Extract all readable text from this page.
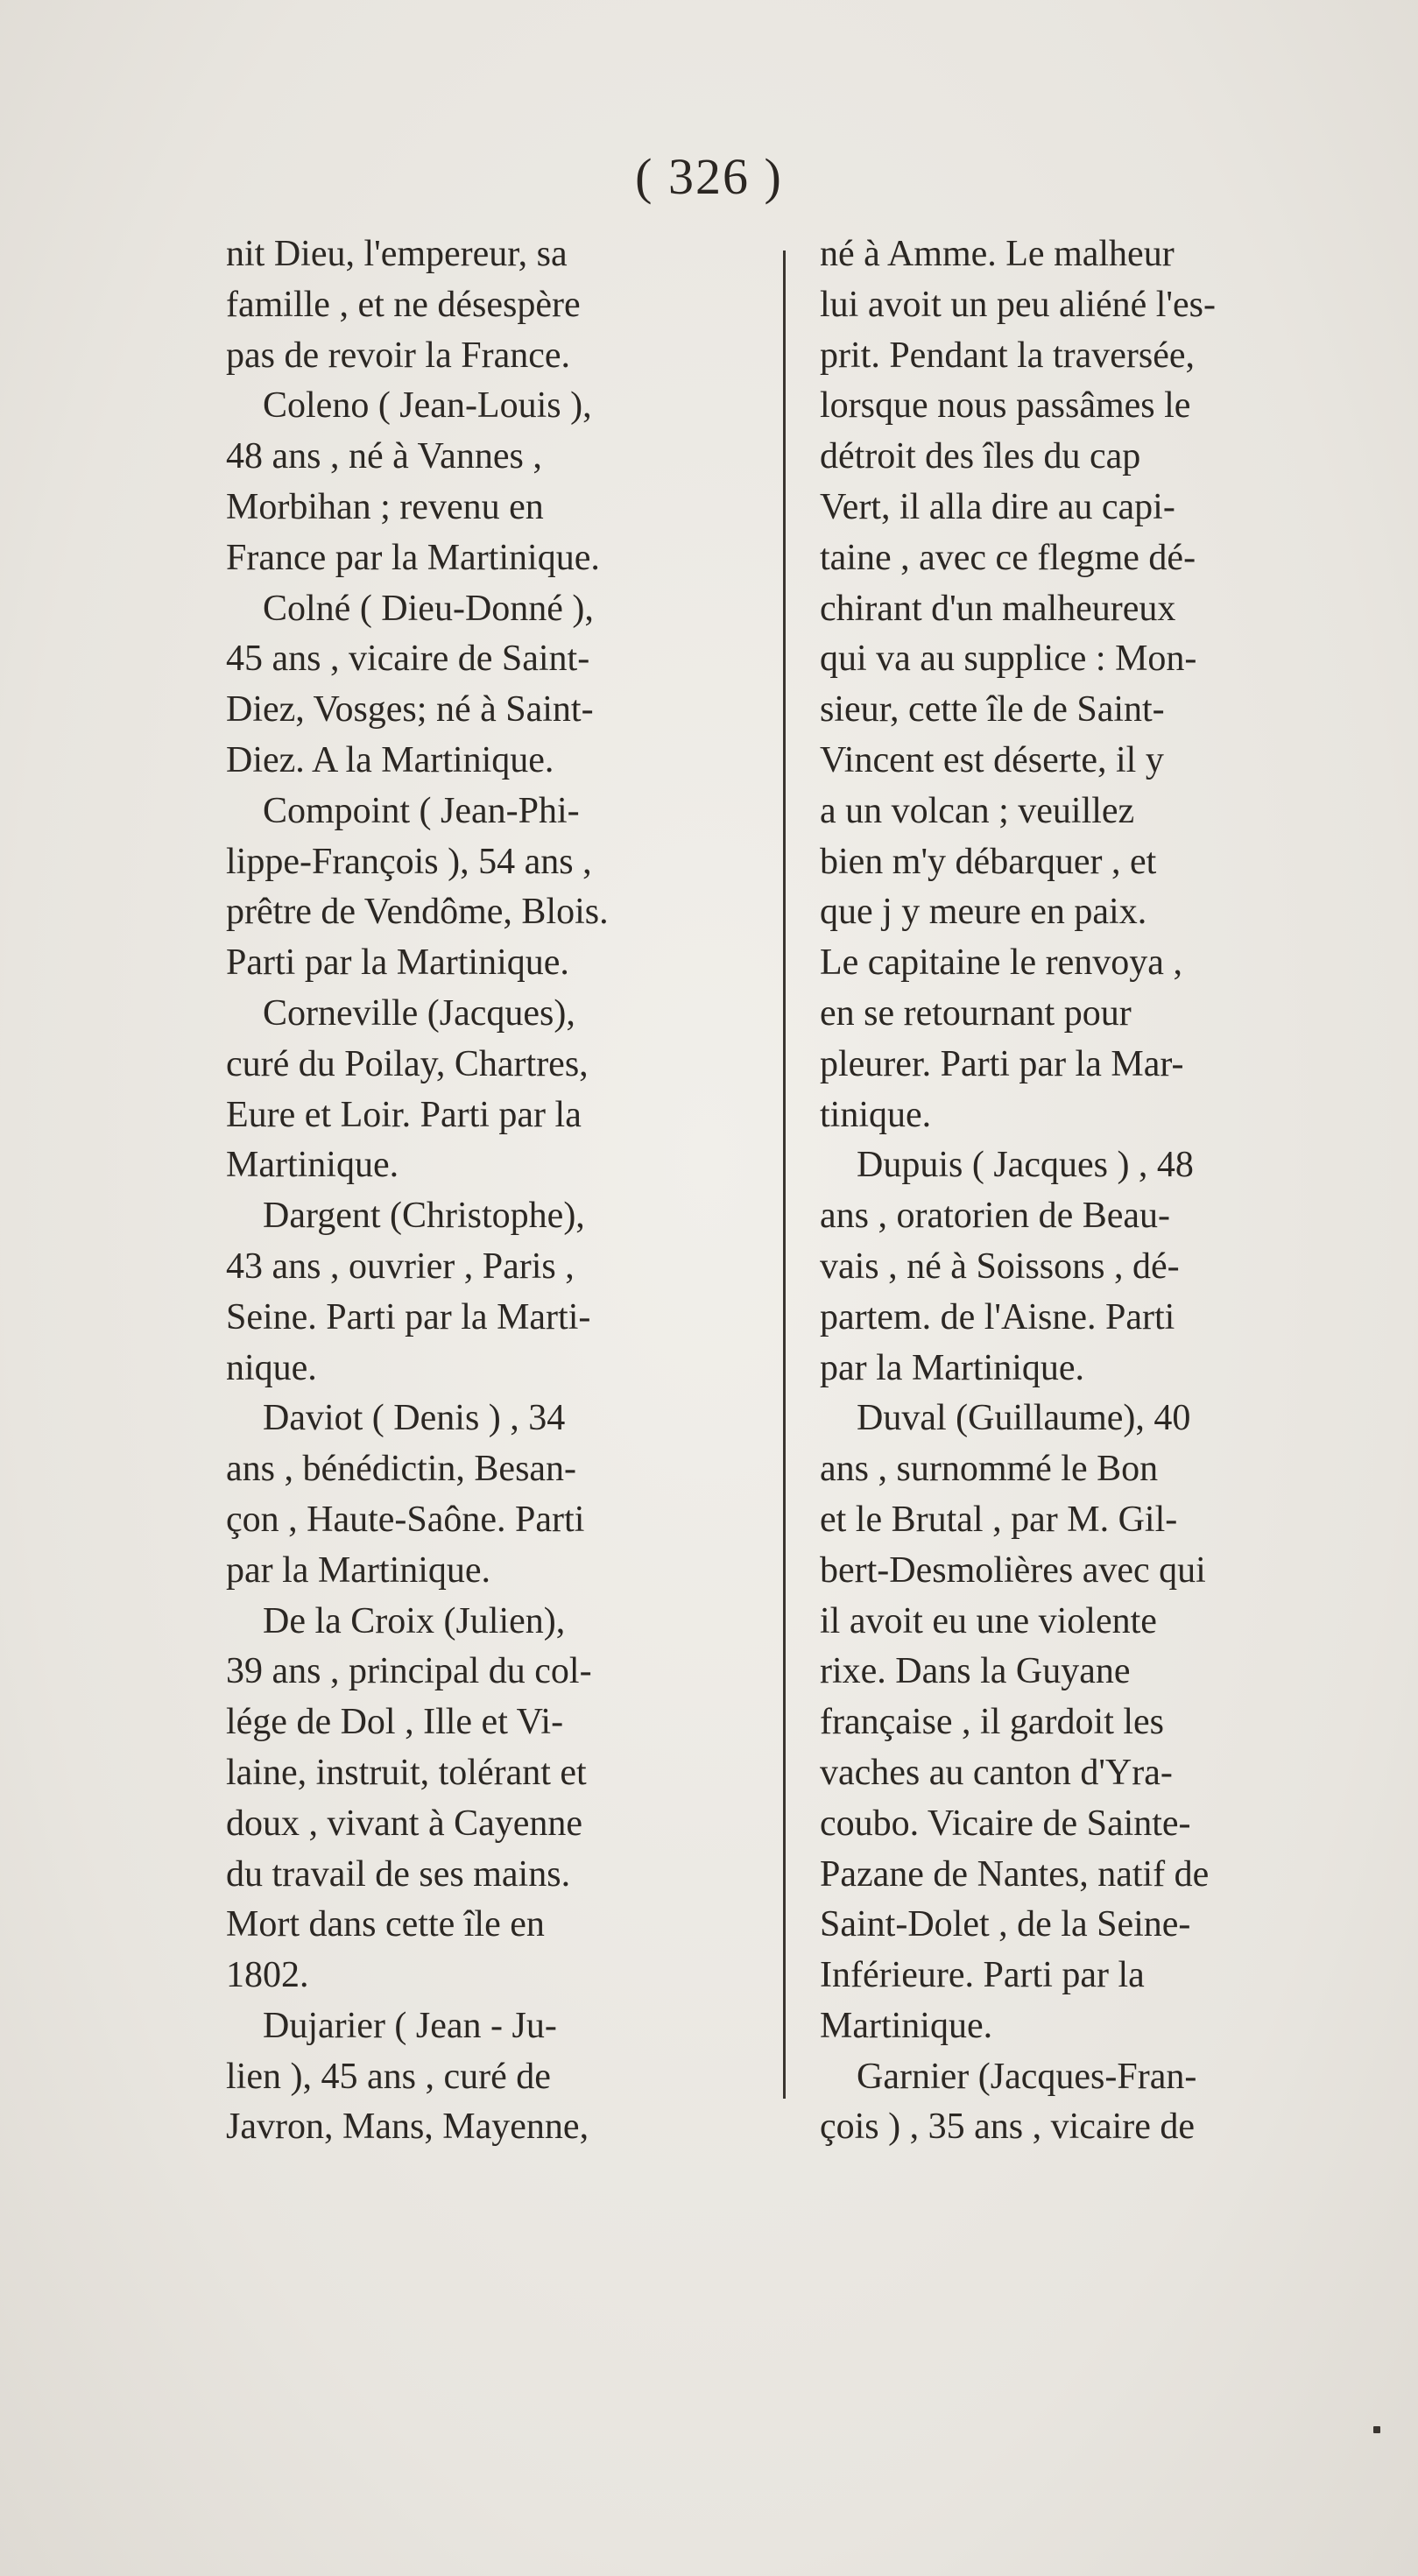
( 326 )
nit Dieu, l'empereur, sa
famille , et ne désespère
pas de revoir la France.
Coleno ( Jean-Louis ),
48 ans , né à Vannes ,
Morbihan ; revenu en
France par la Martinique.
Colné ( Dieu-Donné ),
45 ans , vicaire de Saint-
Diez, Vosges; né à Saint-
Diez. A la Martinique.
Compoint ( Jean-Phi-
lippe-François ), 54 ans ,
prêtre de Vendôme, Blois.
Parti par la Martinique.
Corneville (Jacques),
curé du Poilay, Chartres,
Eure et Loir. Parti par la
Martinique.
Dargent (Christophe),
43 ans , ouvrier , Paris ,
Seine. Parti par la Marti-
nique.
Daviot ( Denis ) , 34
ans , bénédictin, Besan-
çon , Haute-Saône. Parti
par la Martinique.
De la Croix (Julien),
39 ans , principal du col-
lége de Dol , Ille et Vi-
laine, instruit, tolérant et
doux , vivant à Cayenne
du travail de ses mains.
Mort dans cette île en
1802.
Dujarier ( Jean - Ju-
lien ), 45 ans , curé de
Javron, Mans, Mayenne,
né à Amme. Le malheur
lui avoit un peu aliéné l'es-
prit. Pendant la traversée,
lorsque nous passâmes le
détroit des îles du cap
Vert, il alla dire au capi-
taine , avec ce flegme dé-
chirant d'un malheureux
qui va au supplice : Mon-
sieur, cette île de Saint-
Vincent est déserte, il y
a un volcan ; veuillez
bien m'y débarquer , et
que j y meure en paix.
Le capitaine le renvoya ,
en se retournant pour
pleurer. Parti par la Mar-
tinique.
Dupuis ( Jacques ) , 48
ans , oratorien de Beau-
vais , né à Soissons , dé-
partem. de l'Aisne. Parti
par la Martinique.
Duval (Guillaume), 40
ans , surnommé le Bon
et le Brutal , par M. Gil-
bert-Desmolières avec qui
il avoit eu une violente
rixe. Dans la Guyane
française , il gardoit les
vaches au canton d'Yra-
coubo. Vicaire de Sainte-
Pazane de Nantes, natif de
Saint-Dolet , de la Seine-
Inférieure. Parti par la
Martinique.
Garnier (Jacques-Fran-
çois ) , 35 ans , vicaire de
